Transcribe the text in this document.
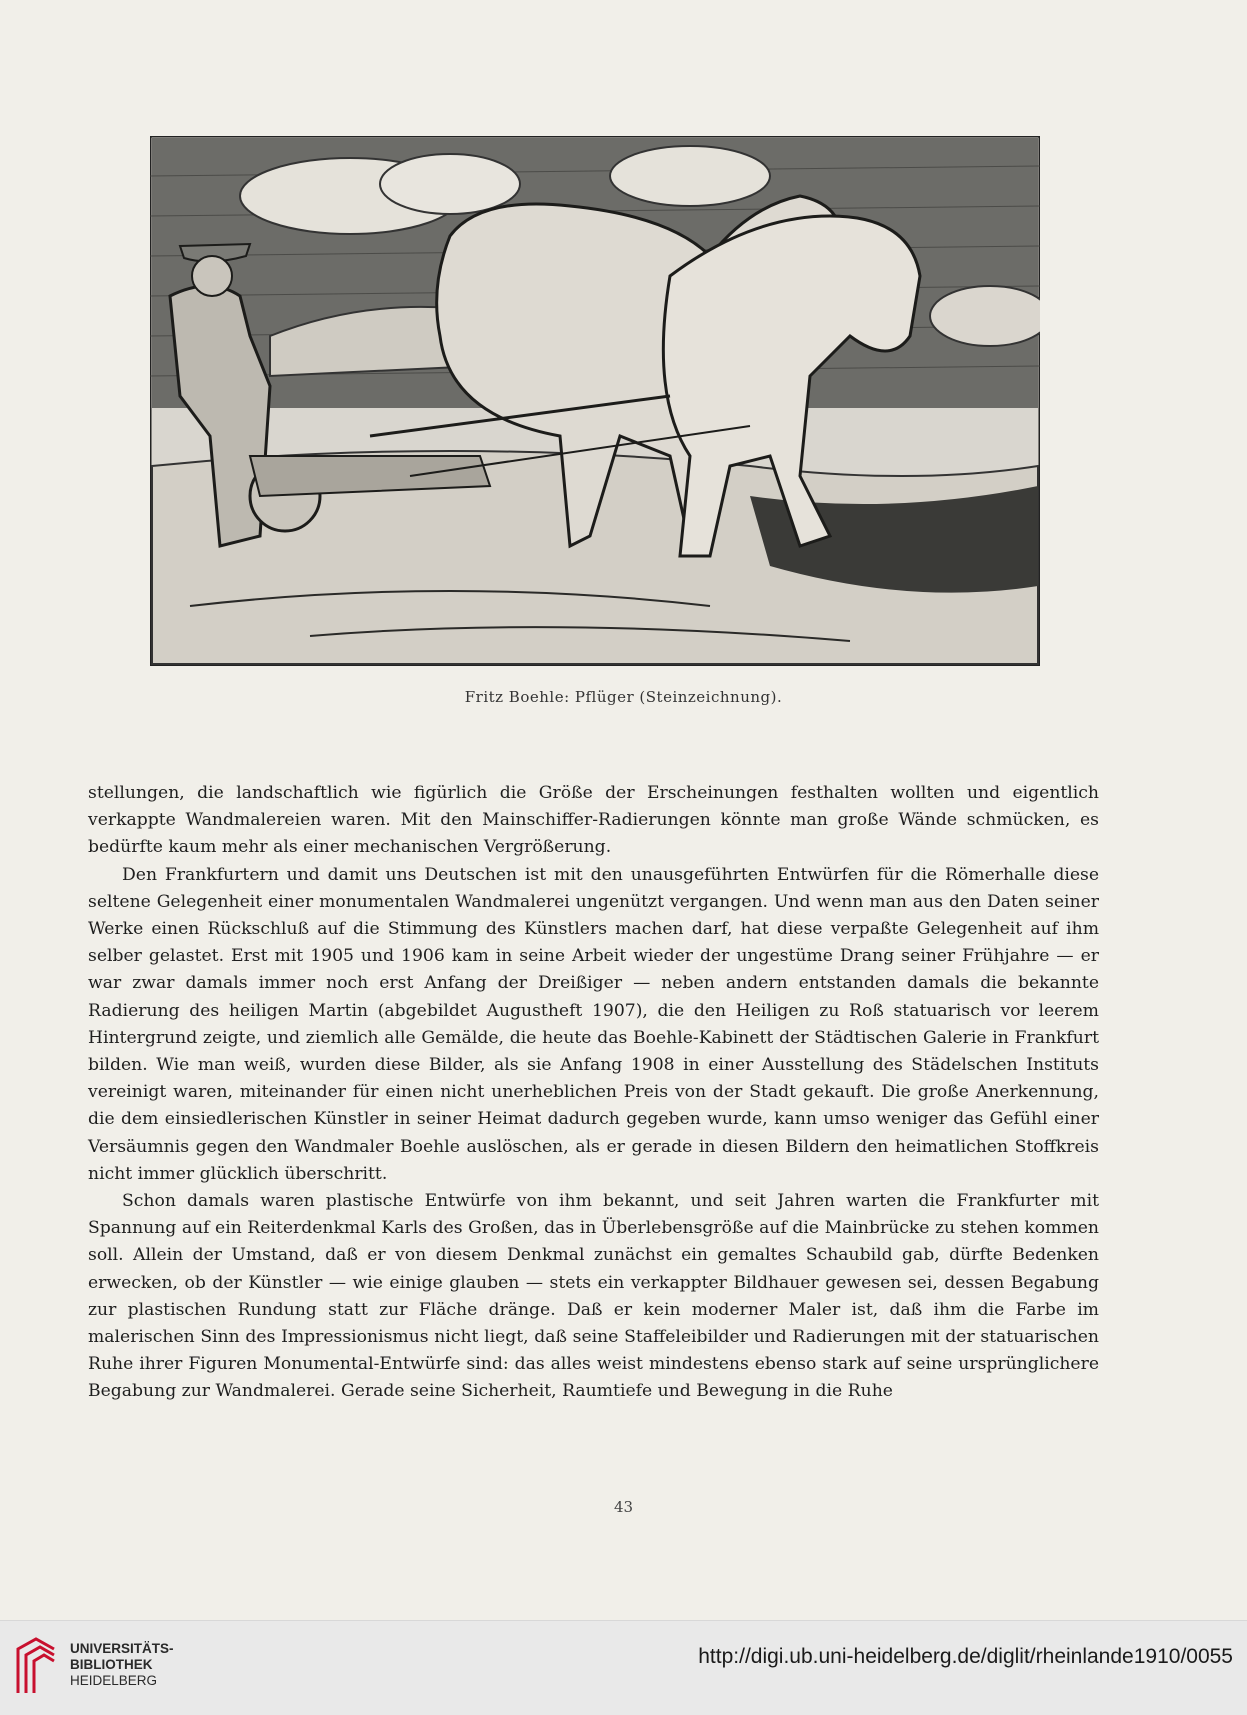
Fritz Boehle: Pflüger (Steinzeichnung).

stellungen, die landschaftlich wie figürlich die Größe der Erscheinungen festhalten wollten und eigentlich verkappte Wandmalereien waren. Mit den Mainschiffer-Radierungen könnte man große Wände schmücken, es bedürfte kaum mehr als einer mechanischen Vergrößerung.

Den Frankfurtern und damit uns Deutschen ist mit den unausgeführten Entwürfen für die Römerhalle diese seltene Gelegenheit einer monumentalen Wandmalerei ungenützt vergangen. Und wenn man aus den Daten seiner Werke einen Rückschluß auf die Stimmung des Künstlers machen darf, hat diese verpaßte Gelegenheit auf ihm selber gelastet. Erst mit 1905 und 1906 kam in seine Arbeit wieder der ungestüme Drang seiner Frühjahre — er war zwar damals immer noch erst Anfang der Dreißiger — neben andern entstanden damals die bekannte Radierung des heiligen Martin (abgebildet Augustheft 1907), die den Heiligen zu Roß statuarisch vor leerem Hintergrund zeigte, und ziemlich alle Gemälde, die heute das Boehle-Kabinett der Städtischen Galerie in Frankfurt bilden. Wie man weiß, wurden diese Bilder, als sie Anfang 1908 in einer Ausstellung des Städelschen Instituts vereinigt waren, miteinander für einen nicht unerheblichen Preis von der Stadt gekauft. Die große Anerkennung, die dem einsiedlerischen Künstler in seiner Heimat dadurch gegeben wurde, kann umso weniger das Gefühl einer Versäumnis gegen den Wandmaler Boehle auslöschen, als er gerade in diesen Bildern den heimatlichen Stoffkreis nicht immer glücklich überschritt.

Schon damals waren plastische Entwürfe von ihm bekannt, und seit Jahren warten die Frankfurter mit Spannung auf ein Reiterdenkmal Karls des Großen, das in Überlebensgröße auf die Mainbrücke zu stehen kommen soll. Allein der Umstand, daß er von diesem Denkmal zunächst ein gemaltes Schaubild gab, dürfte Bedenken erwecken, ob der Künstler — wie einige glauben — stets ein verkappter Bildhauer gewesen sei, dessen Begabung zur plastischen Rundung statt zur Fläche dränge. Daß er kein moderner Maler ist, daß ihm die Farbe im malerischen Sinn des Impressionismus nicht liegt, daß seine Staffeleibilder und Radierungen mit der statuarischen Ruhe ihrer Figuren Monumental-Entwürfe sind: das alles weist mindestens ebenso stark auf seine ursprünglichere Begabung zur Wandmalerei. Gerade seine Sicherheit, Raumtiefe und Bewegung in die Ruhe

43
UNIVERSITÄTS-
BIBLIOTHEK
HEIDELBERG
http://digi.ub.uni-heidelberg.de/diglit/rheinlande1910/0055
